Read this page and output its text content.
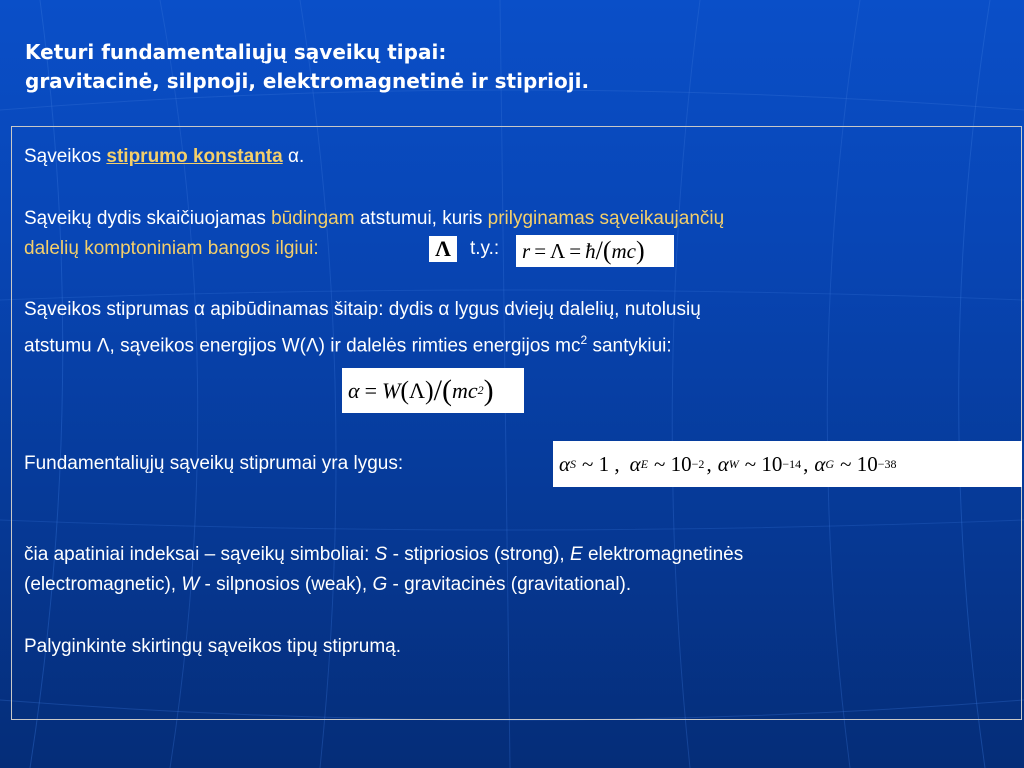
Keturi fundamentaliųjų sąveikų tipai:
gravitacinė, silpnoji, elektromagnetinė ir stiprioji.
Sąveikos stiprumo konstanta α.
Sąveikų dydis skaičiuojamas būdingam atstumui, kuris prilyginamas sąveikaujančių
dalelių komptoniniam bangos ilgiui:	t.y.:
Λ	r = Λ = ħ / ( mc )
Sąveikos stiprumas α apibūdinamas šitaip: dydis α lygus dviejų dalelių, nutolusių
atstumu Λ, sąveikos energijos W(Λ) ir dalelės rimties energijos $mc^2$ santykiui:
α = W ( Λ ) / ( mc 2 )
Fundamentaliųjų sąveikų stiprumai yra lygus:	α S ~ 1 , α E ~ 10 −2 , α W ~ 10 −14 , α G ~ 10 −38
čia apatiniai indeksai – sąveikų simboliai: S - stipriosios (strong), E elektromagnetinės
(electromagnetic), W - silpnosios (weak), G - gravitacinės (gravitational).
Palyginkinte skirtingų sąveikos tipų stiprumą.
